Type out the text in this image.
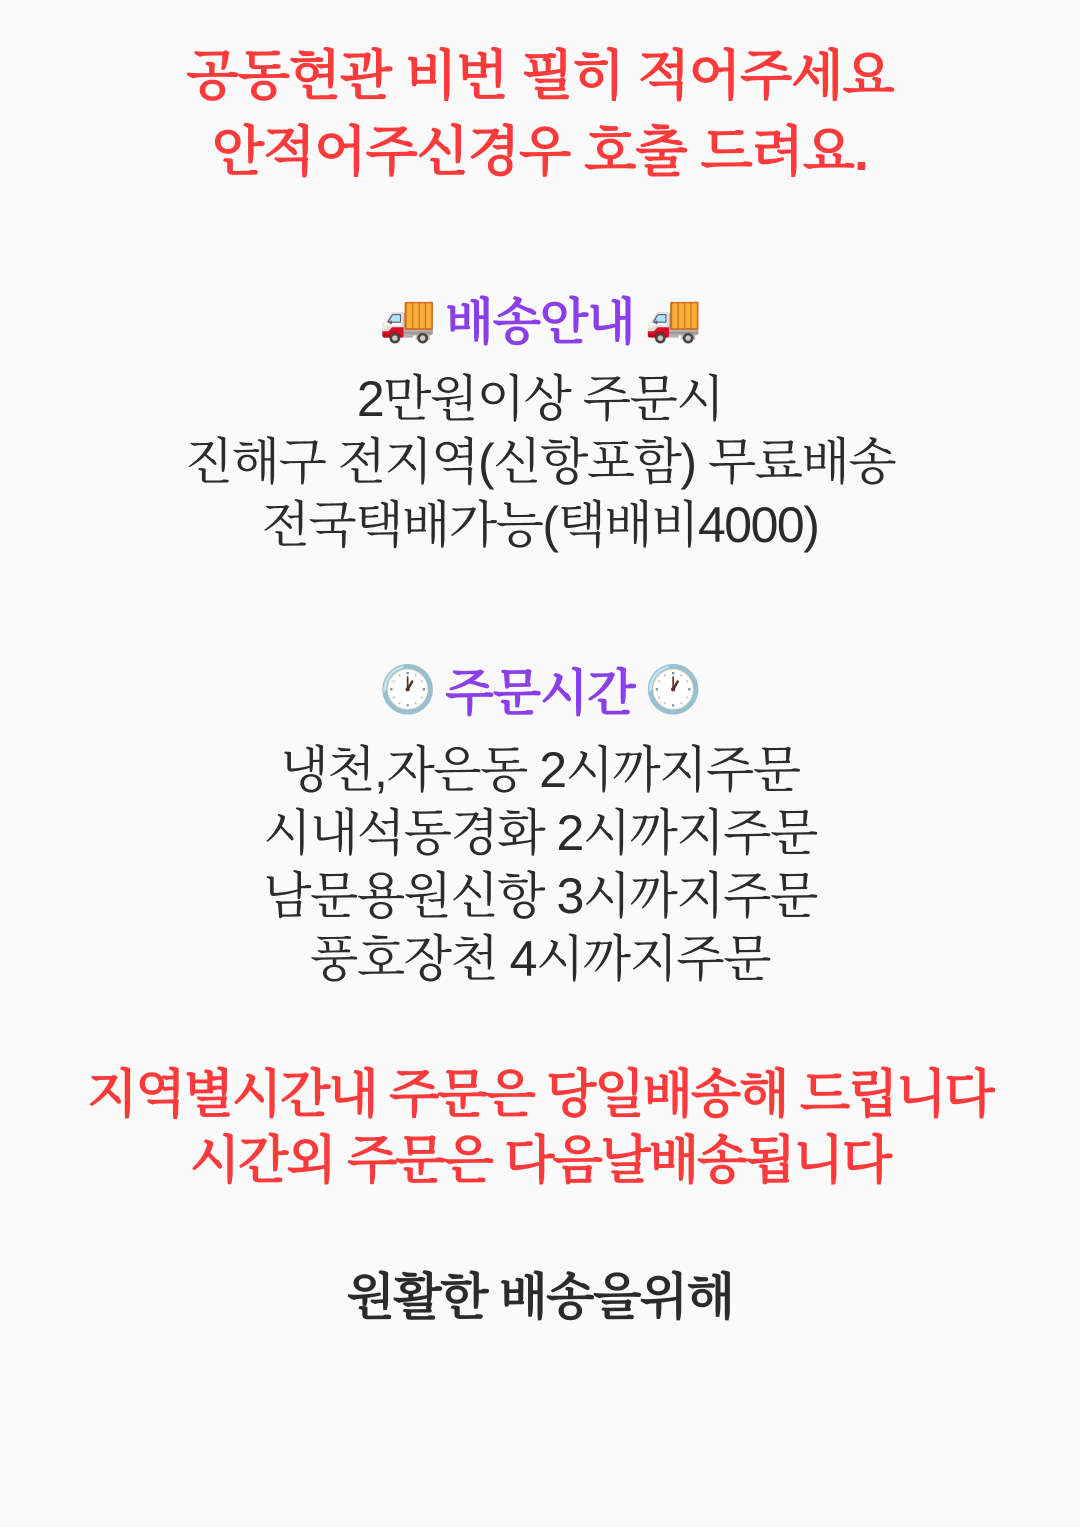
공동현관 비번 필히 적어주세요
안적어주신경우 호출 드려요.
🚚 배송안내 🚚
2만원이상 주문시
진해구 전지역(신항포함) 무료배송
전국택배가능(택배비4000)
🕐 주문시간 🕐
냉천,자은동 2시까지주문
시내석동경화 2시까지주문
남문용원신항 3시까지주문
풍호장천 4시까지주문
지역별시간내 주문은 당일배송해 드립니다
시간외 주문은 다음날배송됩니다
원활한 배송을위해
